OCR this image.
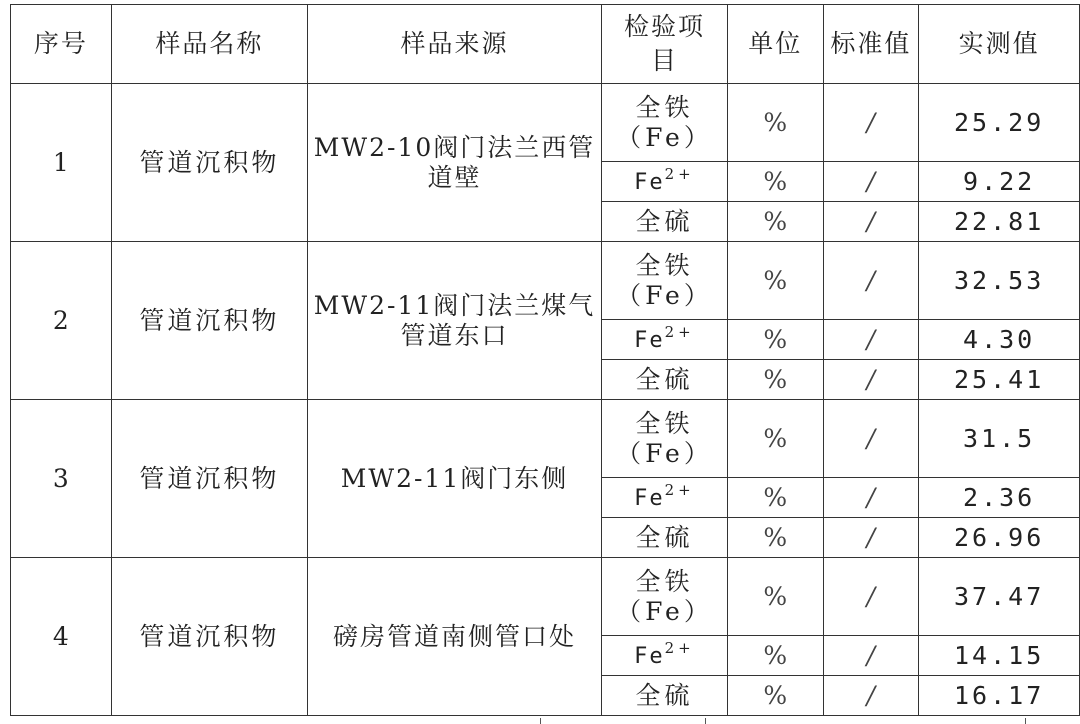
序号	样品名称	样品来源	检验项目	单位	标准值	实测值
1	管道沉积物	MW2-10阀门法兰西管道壁	全铁（Fe）	%	/	25.29
			$Fe^{2+}$	%	/	9.22
			全硫	%	/	22.81
2	管道沉积物	MW2-11阀门法兰煤气管道东口	全铁（Fe）	%	/	32.53
			$Fe^{2+}$	%	/	4.30
			全硫	%	/	25.41
3	管道沉积物	MW2-11阀门东侧	全铁（Fe）	%	/	31.5
			$Fe^{2+}$	%	/	2.36
			全硫	%	/	26.96
4	管道沉积物	磅房管道南侧管口处	全铁（Fe）	%	/	37.47
			$Fe^{2+}$	%	/	14.15
			全硫	%	/	16.17
